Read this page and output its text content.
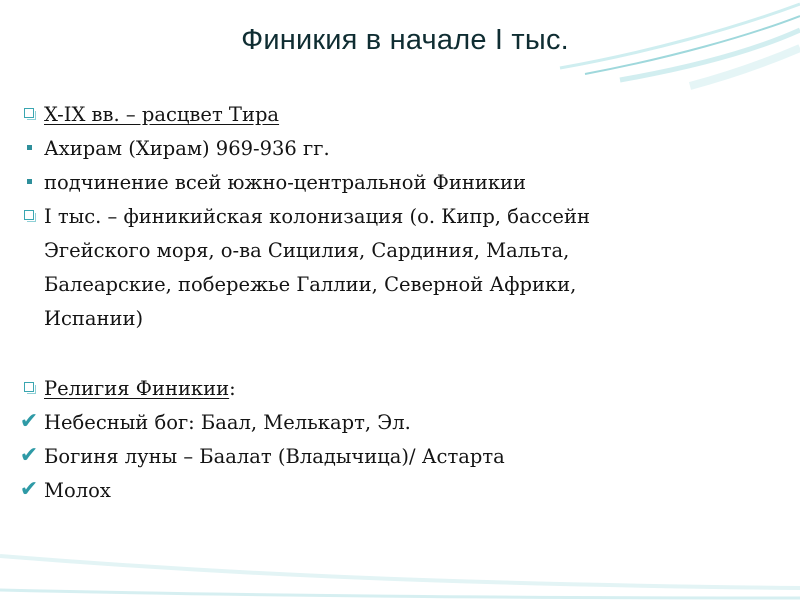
Финикия в начале I тыс.
X-IX вв. – расцвет Тира
Ахирам (Хирам) 969-936 гг.
подчинение всей южно-центральной Финикии
I тыс. – финикийская колонизация (о. Кипр, бассейн
Эгейского моря, о-ва Сицилия, Сардиния, Мальта,
Балеарские, побережье Галлии, Северной Африки,
Испании)
Религия Финикии:
✔ Небесный бог: Баал, Мелькарт, Эл.
✔ Богиня луны – Баалат (Владычица)/ Астарта
✔ Молох
